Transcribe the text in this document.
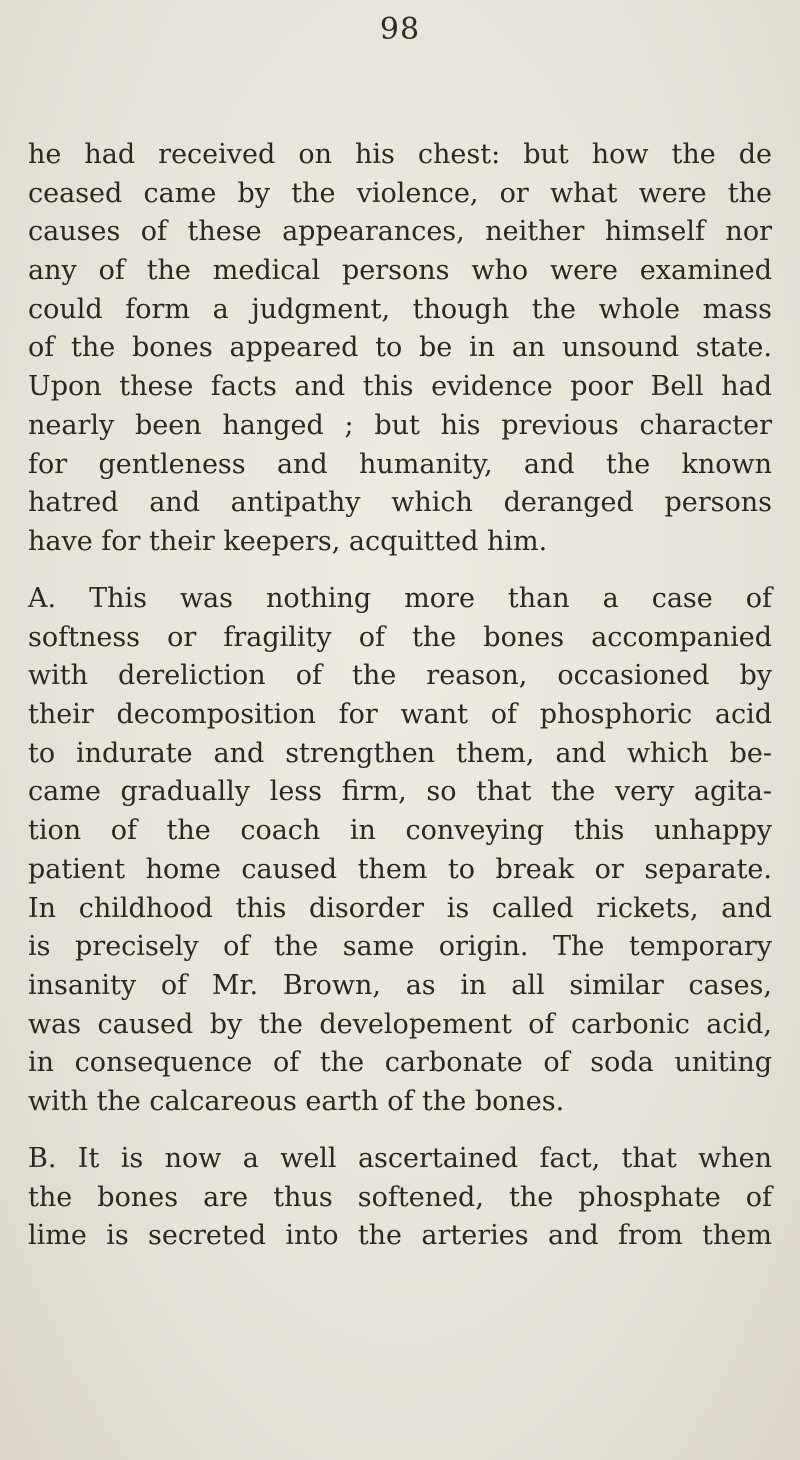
98
he had received on his chest: but how the de
ceased came by the violence, or what were the
causes of these appearances, neither himself nor
any of the medical persons who were examined
could form a judgment, though the whole mass
of the bones appeared to be in an unsound state.
Upon these facts and this evidence poor Bell had
nearly been hanged ; but his previous character
for gentleness and humanity, and the known
hatred and antipathy which deranged persons
have for their keepers, acquitted him.
A. This was nothing more than a case of
softness or fragility of the bones accompanied
with dereliction of the reason, occasioned by
their decomposition for want of phosphoric acid
to indurate and strengthen them, and which be-
came gradually less firm, so that the very agita-
tion of the coach in conveying this unhappy
patient home caused them to break or separate.
In childhood this disorder is called rickets, and
is precisely of the same origin. The temporary
insanity of Mr. Brown, as in all similar cases,
was caused by the developement of carbonic acid,
in consequence of the carbonate of soda uniting
with the calcareous earth of the bones.
B. It is now a well ascertained fact, that when
the bones are thus softened, the phosphate of
lime is secreted into the arteries and from them
